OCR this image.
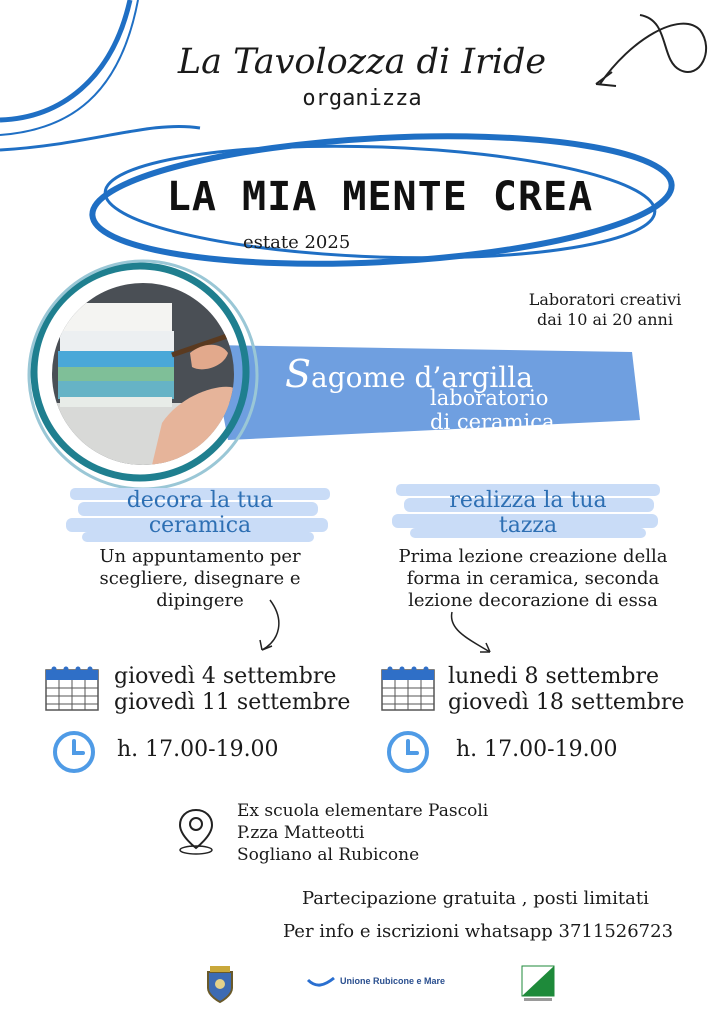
La Tavolozza di Iride
organizza
LA MIA MENTE CREA
estate 2025
Laboratori creativi
dai 10 ai 20 anni
Sagome d’argilla
laboratorio
di ceramica
decora la tua
ceramica
Un appuntamento per
scegliere, disegnare e
dipingere
realizza la tua
tazza
Prima lezione creazione della
forma in ceramica, seconda
lezione decorazione di essa
giovedì 4 settembre
giovedì 11 settembre
lunedi 8 settembre
giovedì 18 settembre
h. 17.00-19.00	h. 17.00-19.00
Ex scuola elementare Pascoli
P.zza Matteotti
Sogliano al Rubicone
Partecipazione gratuita , posti limitati
Per info e iscrizioni whatsapp 3711526723
Unione Rubicone e Mare
